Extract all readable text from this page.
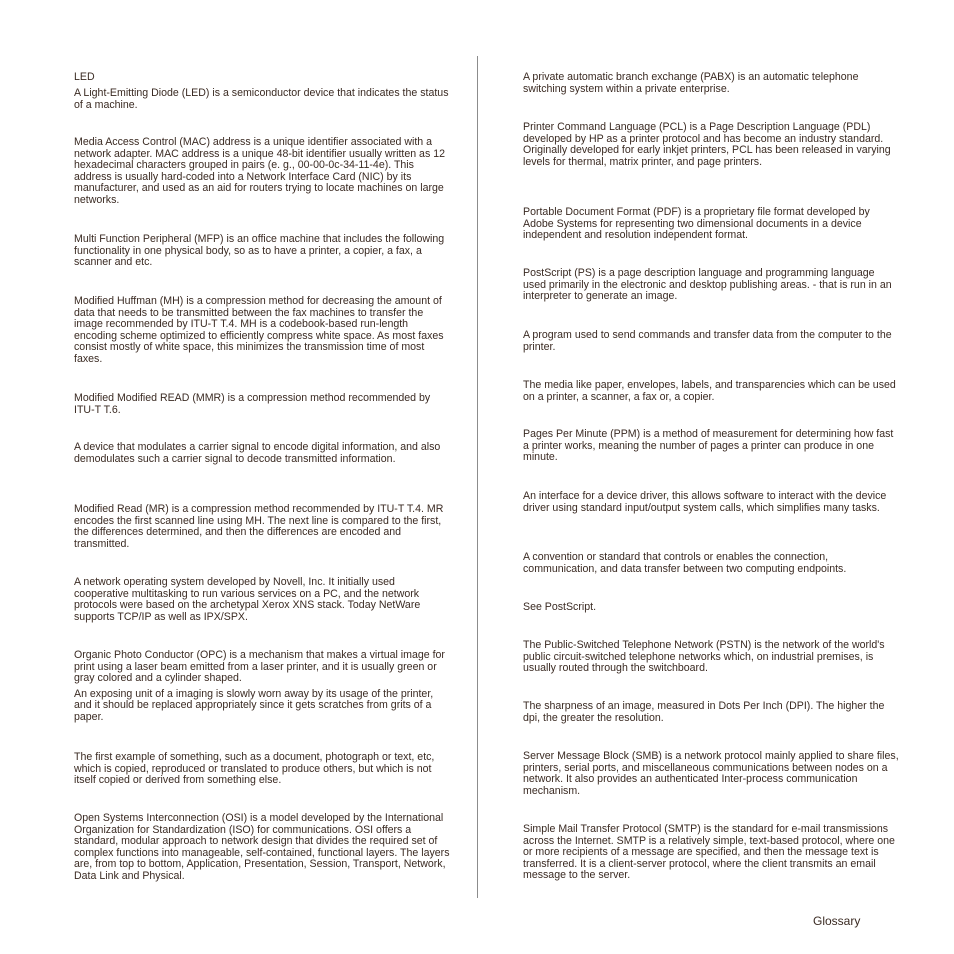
LED

A Light-Emitting Diode (LED) is a semiconductor device that indicates the status of a machine.

Media Access Control (MAC) address is a unique identifier associated with a network adapter. MAC address is a unique 48-bit identifier usually written as 12 hexadecimal characters grouped in pairs (e. g., 00-00-0c-34-11-4e). This address is usually hard-coded into a Network Interface Card (NIC) by its manufacturer, and used as an aid for routers trying to locate machines on large networks.

Multi Function Peripheral (MFP) is an office machine that includes the following functionality in one physical body, so as to have a printer, a copier, a fax, a scanner and etc.

Modified Huffman (MH) is a compression method for decreasing the amount of data that needs to be transmitted between the fax machines to transfer the image recommended by ITU-T T.4. MH is a codebook-based run-length encoding scheme optimized to efficiently compress white space. As most faxes consist mostly of white space, this minimizes the transmission time of most faxes.

Modified Modified READ (MMR) is a compression method recommended by ITU-T T.6.

A device that modulates a carrier signal to encode digital information, and also demodulates such a carrier signal to decode transmitted information.

Modified Read (MR) is a compression method recommended by ITU-T T.4. MR encodes the first scanned line using MH. The next line is compared to the first, the differences determined, and then the differences are encoded and transmitted.

A network operating system developed by Novell, Inc. It initially used cooperative multitasking to run various services on a PC, and the network protocols were based on the archetypal Xerox XNS stack. Today NetWare supports TCP/IP as well as IPX/SPX.

Organic Photo Conductor (OPC) is a mechanism that makes a virtual image for print using a laser beam emitted from a laser printer, and it is usually green or gray colored and a cylinder shaped.

An exposing unit of a imaging is slowly worn away by its usage of the printer, and it should be replaced appropriately since it gets scratches from grits of a paper.

The first example of something, such as a document, photograph or text, etc, which is copied, reproduced or translated to produce others, but which is not itself copied or derived from something else.

Open Systems Interconnection (OSI) is a model developed by the International Organization for Standardization (ISO) for communications. OSI offers a standard, modular approach to network design that divides the required set of complex functions into manageable, self-contained, functional layers. The layers are, from top to bottom, Application, Presentation, Session, Transport, Network, Data Link and Physical.

A private automatic branch exchange (PABX) is an automatic telephone switching system within a private enterprise.

Printer Command Language (PCL) is a Page Description Language (PDL) developed by HP as a printer protocol and has become an industry standard. Originally developed for early inkjet printers, PCL has been released in varying levels for thermal, matrix printer, and page printers.

Portable Document Format (PDF) is a proprietary file format developed by Adobe Systems for representing two dimensional documents in a device independent and resolution independent format.

PostScript (PS) is a page description language and programming language used primarily in the electronic and desktop publishing areas. - that is run in an interpreter to generate an image.

A program used to send commands and transfer data from the computer to the printer.

The media like paper, envelopes, labels, and transparencies which can be used on a printer, a scanner, a fax or, a copier.

Pages Per Minute (PPM) is a method of measurement for determining how fast a printer works, meaning the number of pages a printer can produce in one minute.

An interface for a device driver, this allows software to interact with the device driver using standard input/output system calls, which simplifies many tasks.

A convention or standard that controls or enables the connection, communication, and data transfer between two computing endpoints.

See PostScript.

The Public-Switched Telephone Network (PSTN) is the network of the world's public circuit-switched telephone networks which, on industrial premises, is usually routed through the switchboard.

The sharpness of an image, measured in Dots Per Inch (DPI). The higher the dpi, the greater the resolution.

Server Message Block (SMB) is a network protocol mainly applied to share files, printers, serial ports, and miscellaneous communications between nodes on a network. It also provides an authenticated Inter-process communication mechanism.

Simple Mail Transfer Protocol (SMTP) is the standard for e-mail transmissions across the Internet. SMTP is a relatively simple, text-based protocol, where one or more recipients of a message are specified, and then the message text is transferred. It is a client-server protocol, where the client transmits an email message to the server.

Glossary
